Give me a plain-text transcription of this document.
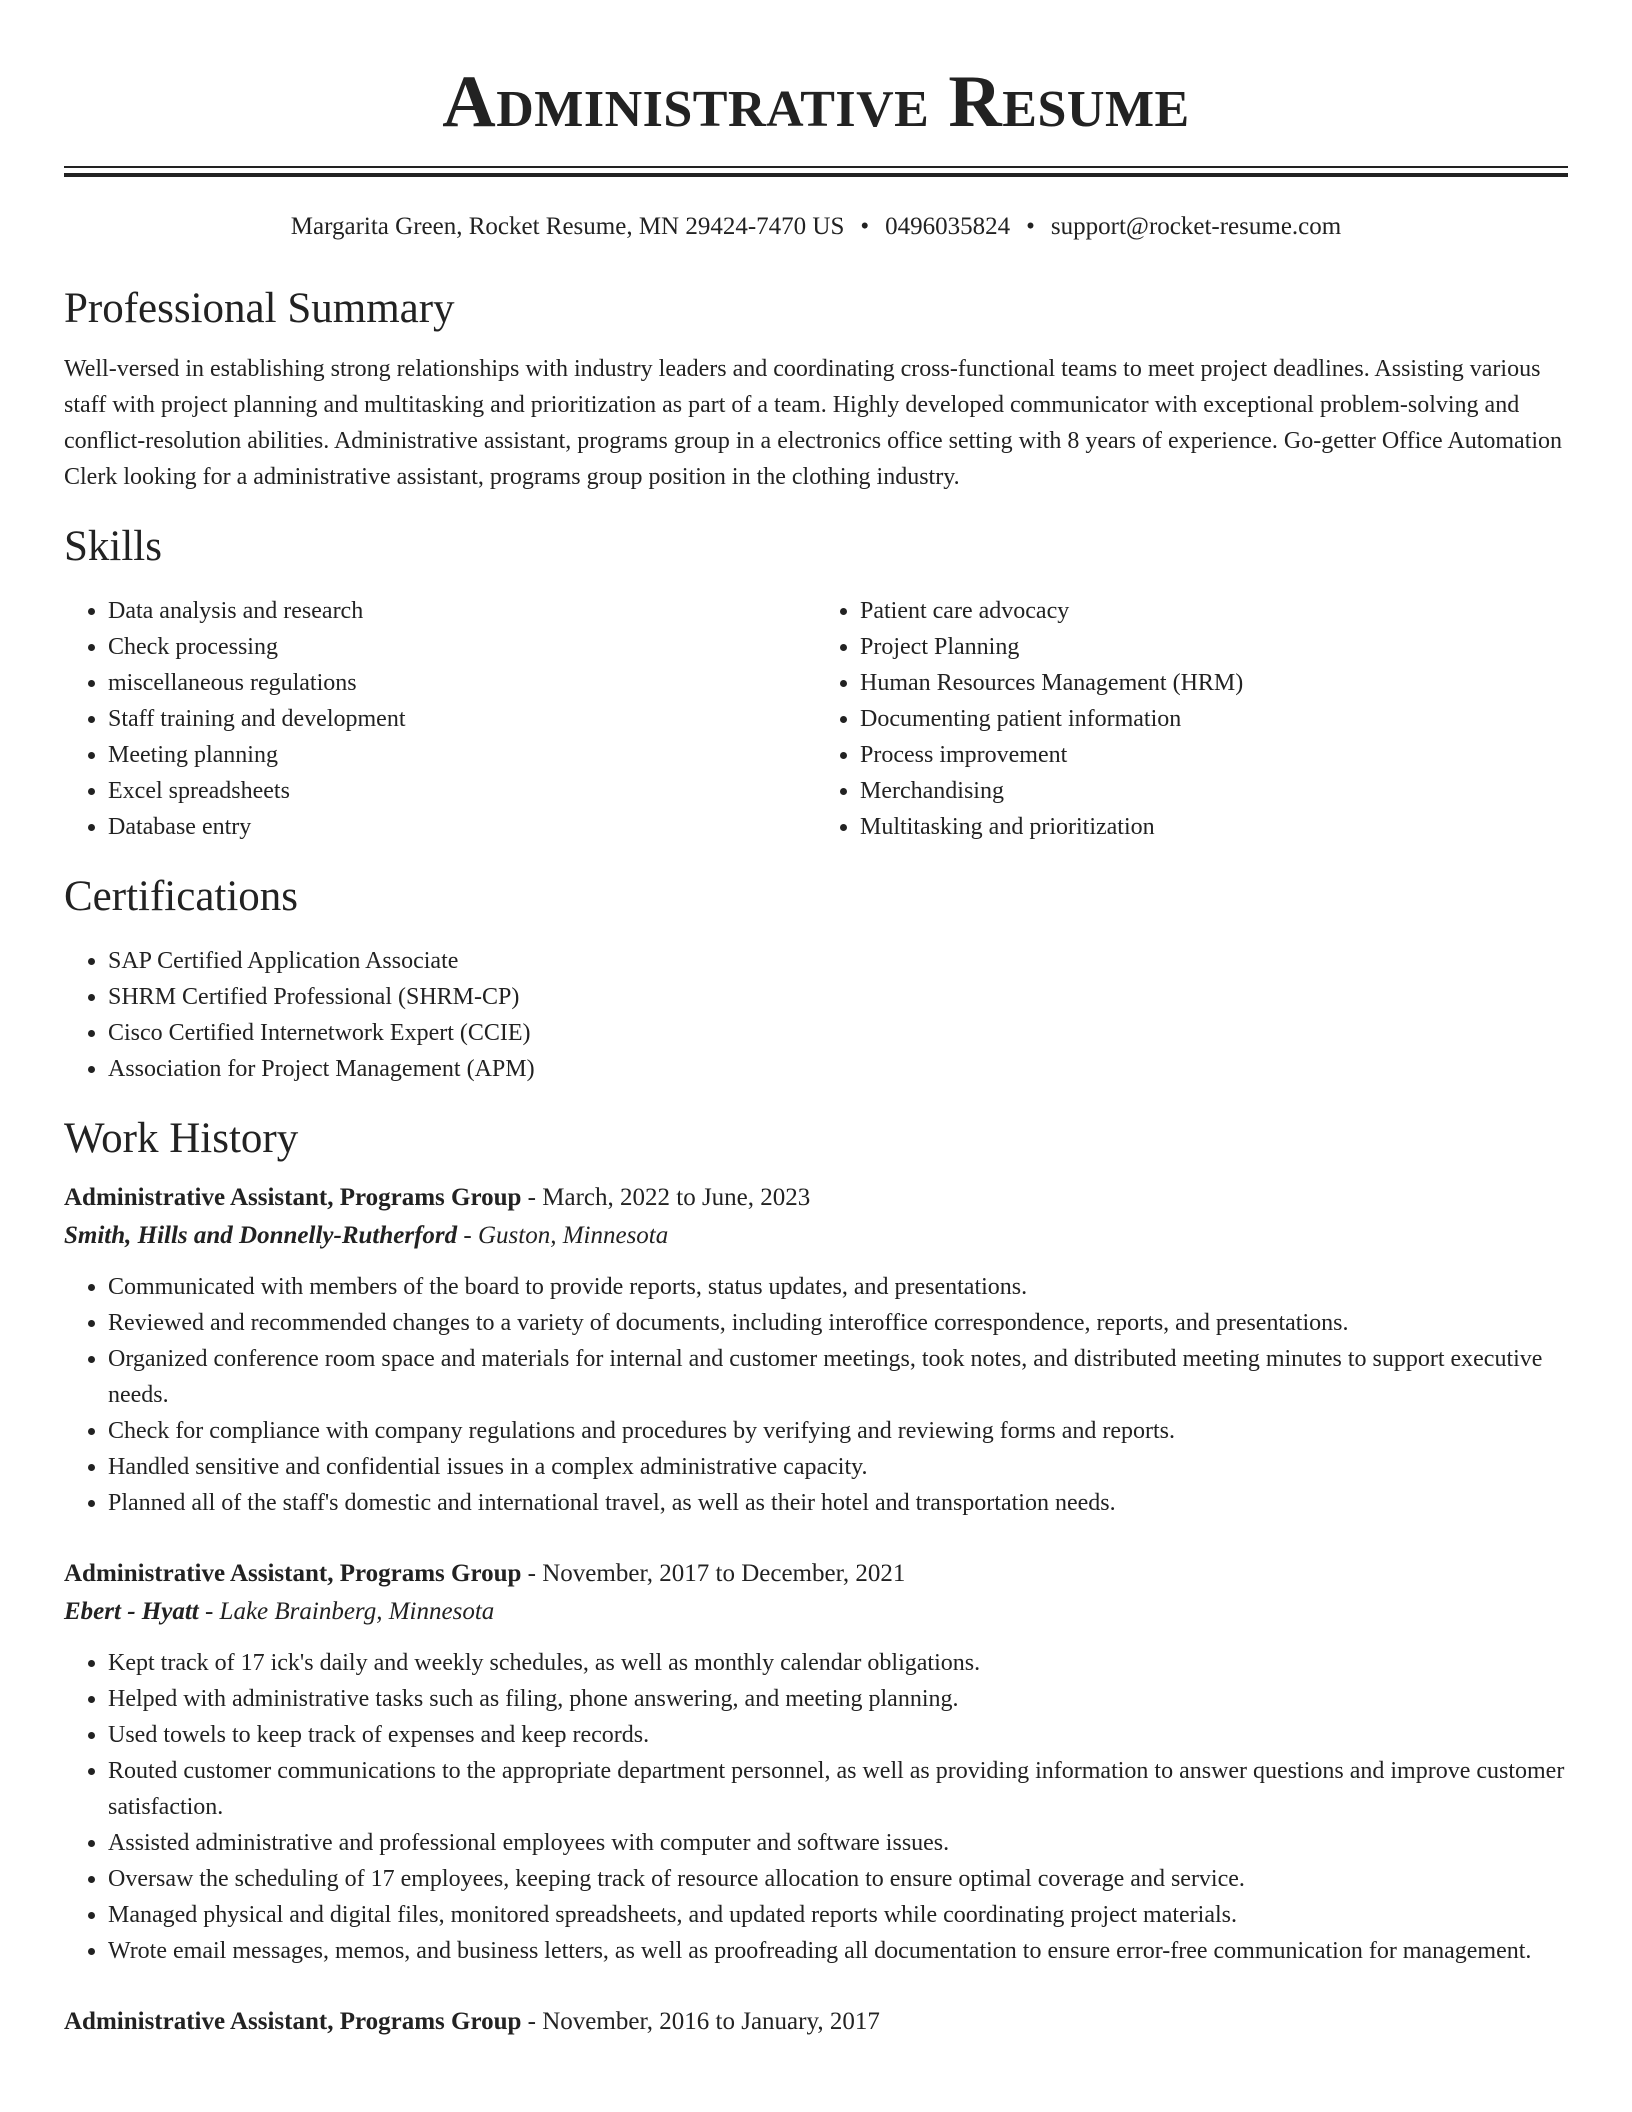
Administrative Resume
Margarita Green, Rocket Resume, MN 29424-7470 US • 0496035824 • support@rocket-resume.com
Professional Summary

Well-versed in establishing strong relationships with industry leaders and coordinating cross-functional teams to meet project deadlines. Assisting various staff with project planning and multitasking and prioritization as part of a team. Highly developed communicator with exceptional problem-solving and conflict-resolution abilities. Administrative assistant, programs group in a electronics office setting with 8 years of experience. Go-getter Office Automation Clerk looking for a administrative assistant, programs group position in the clothing industry.

Skills
• Data analysis and research
• Check processing
• miscellaneous regulations
• Staff training and development
• Meeting planning
• Excel spreadsheets
• Database entry
• Patient care advocacy
• Project Planning
• Human Resources Management (HRM)
• Documenting patient information
• Process improvement
• Merchandising
• Multitasking and prioritization
Certifications
• SAP Certified Application Associate
• SHRM Certified Professional (SHRM-CP)
• Cisco Certified Internetwork Expert (CCIE)
• Association for Project Management (APM)
Work History
Administrative Assistant, Programs Group - March, 2022 to June, 2023
Smith, Hills and Donnelly-Rutherford - Guston, Minnesota
• Communicated with members of the board to provide reports, status updates, and presentations.
• Reviewed and recommended changes to a variety of documents, including interoffice correspondence, reports, and presentations.
• Organized conference room space and materials for internal and customer meetings, took notes, and distributed meeting minutes to support executive needs.
• Check for compliance with company regulations and procedures by verifying and reviewing forms and reports.
• Handled sensitive and confidential issues in a complex administrative capacity.
• Planned all of the staff's domestic and international travel, as well as their hotel and transportation needs.
Administrative Assistant, Programs Group - November, 2017 to December, 2021
Ebert - Hyatt - Lake Brainberg, Minnesota
• Kept track of 17 ick's daily and weekly schedules, as well as monthly calendar obligations.
• Helped with administrative tasks such as filing, phone answering, and meeting planning.
• Used towels to keep track of expenses and keep records.
• Routed customer communications to the appropriate department personnel, as well as providing information to answer questions and improve customer satisfaction.
• Assisted administrative and professional employees with computer and software issues.
• Oversaw the scheduling of 17 employees, keeping track of resource allocation to ensure optimal coverage and service.
• Managed physical and digital files, monitored spreadsheets, and updated reports while coordinating project materials.
• Wrote email messages, memos, and business letters, as well as proofreading all documentation to ensure error-free communication for management.
Administrative Assistant, Programs Group - November, 2016 to January, 2017
